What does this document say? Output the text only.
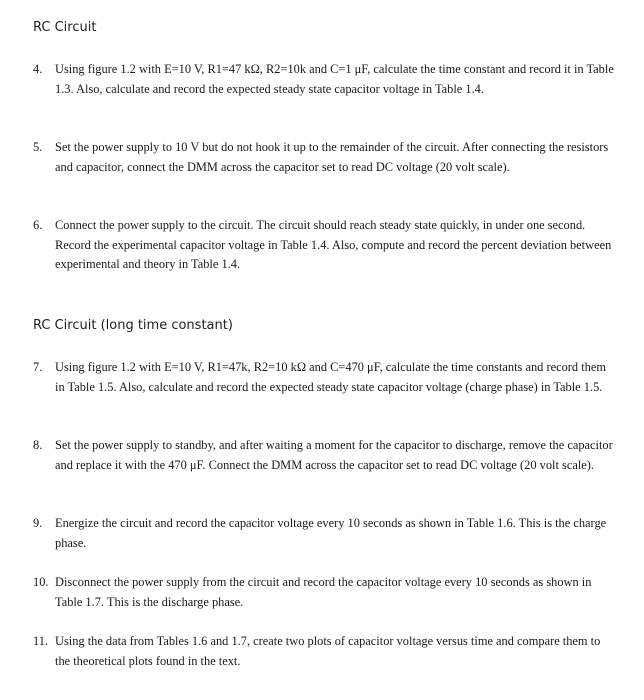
RC Circuit
4.	Using figure 1.2 with E=10 V, R1=47 kΩ, R2=10k and C=1 μF, calculate the time constant and record it in Table 1.3. Also, calculate and record the expected steady state capacitor voltage in Table 1.4.
5.	Set the power supply to 10 V but do not hook it up to the remainder of the circuit. After connecting the resistors and capacitor, connect the DMM across the capacitor set to read DC voltage (20 volt scale).
6.	Connect the power supply to the circuit. The circuit should reach steady state quickly, in under one second. Record the experimental capacitor voltage in Table 1.4. Also, compute and record the percent deviation between experimental and theory in Table 1.4.
RC Circuit (long time constant)
7.	Using figure 1.2 with E=10 V, R1=47k, R2=10 kΩ and C=470 μF, calculate the time constants and record them in Table 1.5. Also, calculate and record the expected steady state capacitor voltage (charge phase) in Table 1.5.
8.	Set the power supply to standby, and after waiting a moment for the capacitor to discharge, remove the capacitor and replace it with the 470 μF. Connect the DMM across the capacitor set to read DC voltage (20 volt scale).
9.	Energize the circuit and record the capacitor voltage every 10 seconds as shown in Table 1.6. This is the charge phase.
10. Disconnect the power supply from the circuit and record the capacitor voltage every 10 seconds as shown in Table 1.7. This is the discharge phase.
11. Using the data from Tables 1.6 and 1.7, create two plots of capacitor voltage versus time and compare them to the theoretical plots found in the text.
